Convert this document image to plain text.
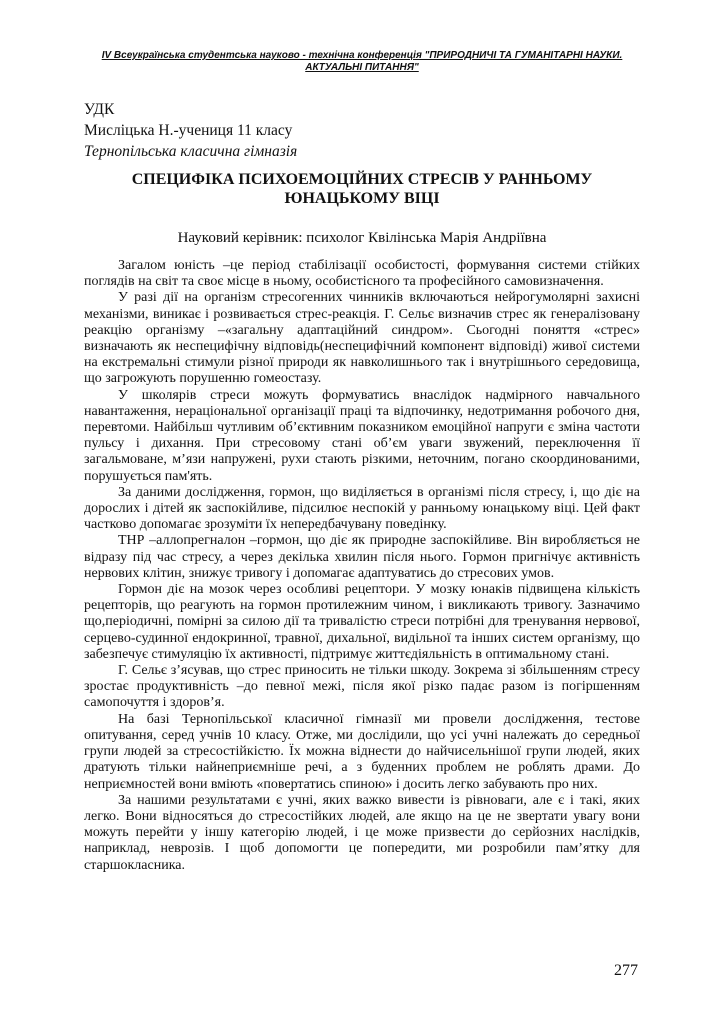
IV Всеукраїнська студентська науково - технічна конференція "ПРИРОДНИЧІ ТА ГУМАНІТАРНІ НАУКИ.
АКТУАЛЬНІ ПИТАННЯ"
УДК
Мисліцька Н.-учениця 11 класу
Тернопільська класична гімназія
СПЕЦИФІКА ПСИХОЕМОЦІЙНИХ СТРЕСІВ У РАННЬОМУ
ЮНАЦЬКОМУ ВІЦІ
Науковий керівник: психолог Квілінська Марія Андріївна

Загалом юність –це період стабілізації особистості, формування системи стійких поглядів на світ та своє місце в ньому, особистісного та професійного самовизначення.

У разі дії на організм стресогенних чинників включаються нейрогумолярні захисні механізми, виникає і розвивається стрес-реакція. Г. Сельє визначив стрес як генералізовану реакцію організму –«загальну адаптаційний синдром». Сьогодні поняття «стрес» визначають як неспецифічну відповідь(неспецифічний компонент відповіді) живої системи на екстремальні стимули різної природи як навколишнього так і внутрішнього середовища, що загрожують порушенню гомеостазу.

У школярів стреси можуть формуватись внаслідок надмірного навчального навантаження, нераціональної організації праці та відпочинку, недотримання робочого дня, перевтоми. Найбільш чутливим об’єктивним показником емоційної напруги є зміна частоти пульсу і дихання. При стресовому стані об’єм уваги звужений, переключення її загальмоване, м’язи напружені, рухи стають різкими, неточним, погано скоординованими, порушується пам'ять.

За даними дослідження, гормон, що виділяється в організмі після стресу, і, що діє на дорослих і дітей як заспокійливе, підсилює неспокій у ранньому юнацькому віці. Цей факт частково допомагає зрозуміти їх непередбачувану поведінку.

ТНР –аллопрегналон –гормон, що діє як природне заспокійливе. Він виробляється не відразу під час стресу, а через декілька хвилин після нього. Гормон пригнічує активність нервових клітин, знижує тривогу і допомагає адаптуватись до стресових умов.

Гормон діє на мозок через особливі рецептори. У мозку юнаків підвищена кількість рецепторів, що реагують на гормон протилежним чином, і викликають тривогу. Зазначимо що,періодичні, помірні за силою дії та тривалістю стреси потрібні для тренування нервової, серцево-судинної ендокринної, травної, дихальної, видільної та інших систем організму, що забезпечує стимуляцію їх активності, підтримує життєдіяльність в оптимальному стані.

Г. Сельє з’ясував, що стрес приносить не тільки шкоду. Зокрема зі збільшенням стресу зростає продуктивність –до певної межі, після якої різко падає разом із погіршенням самопочуття і здоров’я.

На базі Тернопільської класичної гімназії ми провели дослідження, тестове опитування, серед учнів 10 класу. Отже, ми дослідили, що усі учні належать до середньої групи людей за стресостійкістю. Їх можна віднести до найчисельнішої групи людей, яких дратують тільки найнеприємніше речі, а з буденних проблем не роблять драми. До неприємностей вони вміють «повертатись спиною» і досить легко забувають про них.

За нашими результатами є учні, яких важко вивести із рівноваги, але є і такі, яких легко. Вони відносяться до стресостійких людей, але якщо на це не звертати увагу вони можуть перейти у іншу категорію людей, і це може призвести до серйозних наслідків, наприклад, неврозів. І щоб допомогти це попередити, ми розробили пам’ятку для старшокласника.

277
